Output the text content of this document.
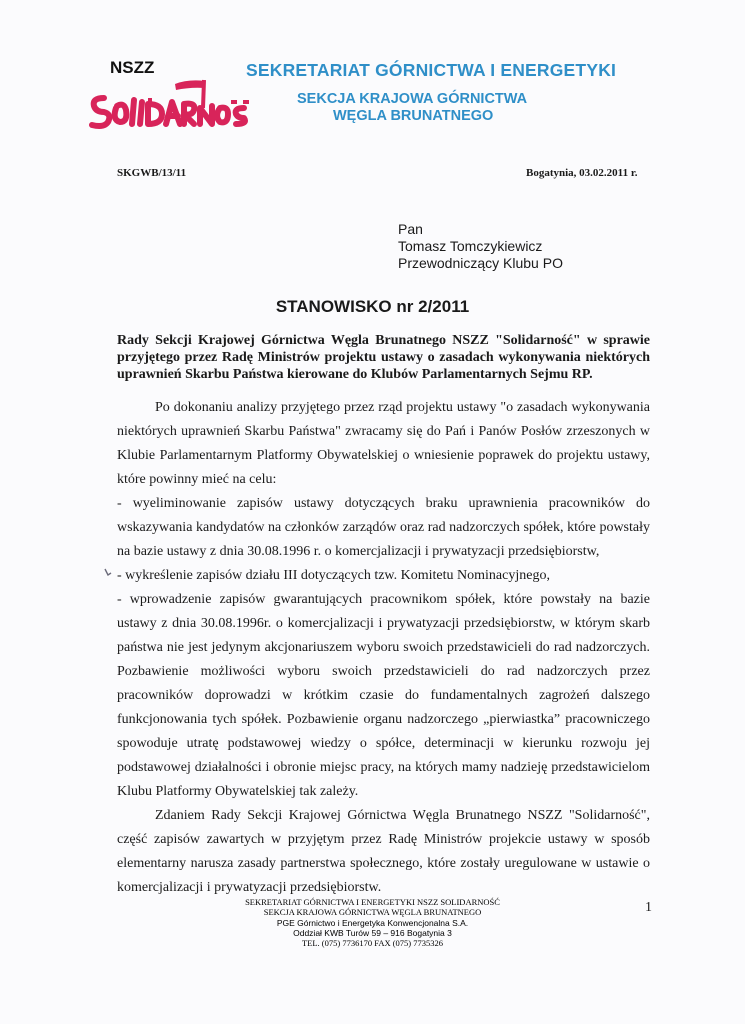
NSZZ	SEKRETARIAT GÓRNICTWA I ENERGETYKI
SEKCJA KRAJOWA GÓRNICTWA
WĘGLA BRUNATNEGO
SKGWB/13/11	Bogatynia, 03.02.2011 r.
Pan
Tomasz Tomczykiewicz
Przewodniczący Klubu PO
STANOWISKO nr 2/2011
Rady Sekcji Krajowej Górnictwa Węgla Brunatnego NSZZ "Solidarność" w sprawie przyjętego przez Radę Ministrów projektu ustawy o zasadach wykonywania niektórych uprawnień Skarbu Państwa kierowane do Klubów Parlamentarnych Sejmu RP.

Po dokonaniu analizy przyjętego przez rząd projektu ustawy "o zasadach wykonywania niektórych uprawnień Skarbu Państwa" zwracamy się do Pań i Panów Posłów zrzeszonych w Klubie Parlamentarnym Platformy Obywatelskiej o wniesienie poprawek do projektu ustawy, które powinny mieć na celu:

- wyeliminowanie zapisów ustawy dotyczących braku uprawnienia pracowników do wskazywania kandydatów na członków zarządów oraz rad nadzorczych spółek, które powstały na bazie ustawy z dnia 30.08.1996 r. o komercjalizacji i prywatyzacji przedsiębiorstw,

- wykreślenie zapisów działu III dotyczących tzw. Komitetu Nominacyjnego,

- wprowadzenie zapisów gwarantujących pracownikom spółek, które powstały na bazie ustawy z dnia 30.08.1996r. o komercjalizacji i prywatyzacji przedsiębiorstw, w którym skarb państwa nie jest jedynym akcjonariuszem wyboru swoich przedstawicieli do rad nadzorczych. Pozbawienie możliwości wyboru swoich przedstawicieli do rad nadzorczych przez pracowników doprowadzi w krótkim czasie do fundamentalnych zagrożeń dalszego funkcjonowania tych spółek. Pozbawienie organu nadzorczego „pierwiastka” pracowniczego spowoduje utratę podstawowej wiedzy o spółce, determinacji w kierunku rozwoju jej podstawowej działalności i obronie miejsc pracy, na których mamy nadzieję przedstawicielom Klubu Platformy Obywatelskiej tak zależy.

Zdaniem Rady Sekcji Krajowej Górnictwa Węgla Brunatnego NSZZ "Solidarność", część zapisów zawartych w przyjętym przez Radę Ministrów projekcie ustawy w sposób elementarny narusza zasady partnerstwa społecznego, które zostały uregulowane w ustawie o komercjalizacji i prywatyzacji przedsiębiorstw.

SEKRETARIAT GÓRNICTWA I ENERGETYKI NSZZ SOLIDARNOŚĆ
SEKCJA KRAJOWA GÓRNICTWA WĘGLA BRUNATNEGO
PGE Górnictwo i Energetyka Konwencjonalna S.A.
Oddział KWB Turów 59 – 916 Bogatynia 3
TEL. (075) 7736170 FAX (075) 7735326
1
